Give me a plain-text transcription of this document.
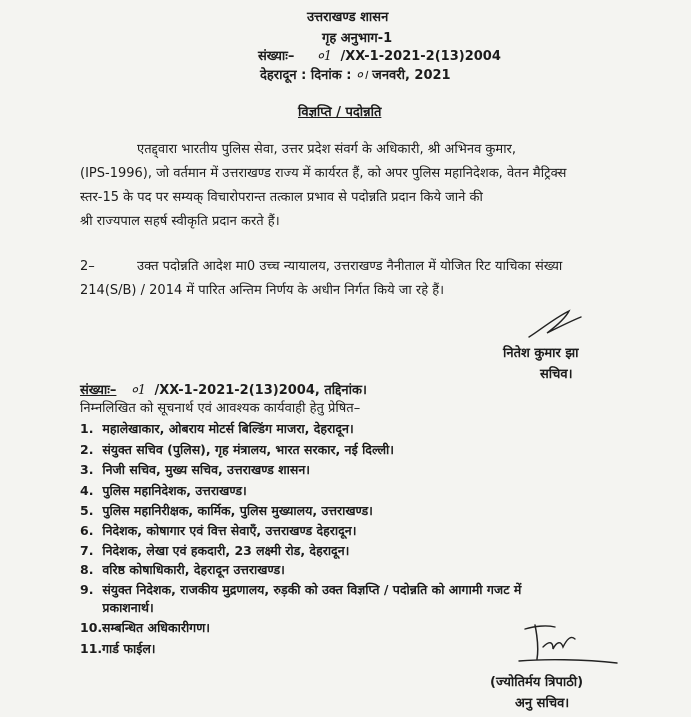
उत्तराखण्ड शासन
गृह अनुभाग-1
संख्याः– ०1 /XX-1-2021-2(13)2004
देहरादून : दिनांक : ०। जनवरी, 2021
विज्ञप्ति / पदोन्नति
एतद्द्वारा भारतीय पुलिस सेवा, उत्तर प्रदेश संवर्ग के अधिकारी, श्री अभिनव कुमार,
(IPS-1996), जो वर्तमान में उत्तराखण्ड राज्य में कार्यरत हैं, को अपर पुलिस महानिदेशक, वेतन मैट्रिक्स
स्तर-15 के पद पर सम्यक् विचारोपरान्त तत्काल प्रभाव से पदोन्नति प्रदान किये जाने की
श्री राज्यपाल सहर्ष स्वीकृति प्रदान करते हैं।
2–	उक्त पदोन्नति आदेश मा0 उच्च न्यायालय, उत्तराखण्ड नैनीताल में योजित रिट याचिका संख्या
214(S/B) / 2014 में पारित अन्तिम निर्णय के अधीन निर्गत किये जा रहे हैं।
नितेश कुमार झा
सचिव।
संख्याः– ०1 /XX-1-2021-2(13)2004, तद्दिनांक।
निम्नलिखित को सूचनार्थ एवं आवश्यक कार्यवाही हेतु प्रेषित–
1. महालेखाकार, ओबराय मोटर्स बिल्डिंग माजरा, देहरादून।
2. संयुक्त सचिव (पुलिस), गृह मंत्रालय, भारत सरकार, नई दिल्ली।
3. निजी सचिव, मुख्य सचिव, उत्तराखण्ड शासन।
4. पुलिस महानिदेशक, उत्तराखण्ड।
5. पुलिस महानिरीक्षक, कार्मिक, पुलिस मुख्यालय, उत्तराखण्ड।
6. निदेशक, कोषागार एवं वित्त सेवाएँ, उत्तराखण्ड देहरादून।
7. निदेशक, लेखा एवं हकदारी, 23 लक्ष्मी रोड, देहरादून।
8. वरिष्ठ कोषाधिकारी, देहरादून उत्तराखण्ड।
9. संयुक्त निदेशक, राजकीय मुद्रणालय, रुड़की को उक्त विज्ञप्ति / पदोन्नति को आगामी गजट में
प्रकाशनार्थ।
10.सम्बन्धित अधिकारीगण।
11.गार्ड फाईल।
(ज्योतिर्मय त्रिपाठी)
अनु सचिव।
